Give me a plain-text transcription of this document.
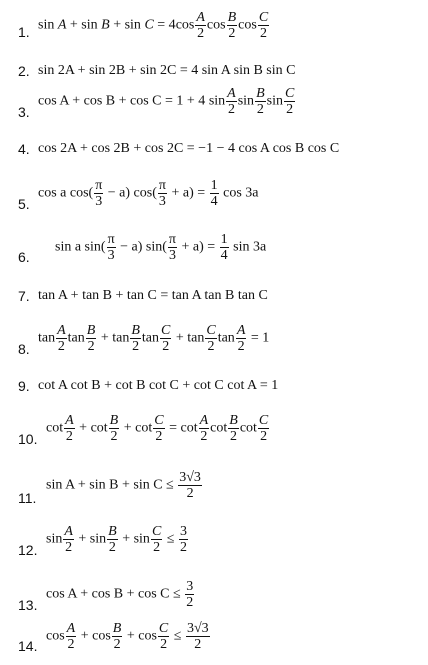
1.
2.
3.
4.
5.
6.
7.
8.
9.
10.
11.
12.
13.
14.
$\sin A + \sin B + \sin C = 4\cos \frac{A}{2}$ $\cos \frac{B}{2}$ $\cos \frac{C}{2}$
sin 2A + sin 2B + sin 2C = 4 sin A sin B sin C
cos A + cos B + cos C = 1 + 4 $\sin \frac{A}{2}$ $\sin \frac{B}{2}$ $\sin \frac{C}{2}$
cos 2A + cos 2B + cos 2C = −1 − 4 cos A cos B cos C
cos a $\cos( \frac{\pi}{3} - a)$ $\cos( \frac{\pi}{3} + a) = \frac{1}{4}$ cos 3a
sin a $\sin( \frac{\pi}{3} - a)$ $\sin( \frac{\pi}{3} + a) = \frac{1}{4}$ sin 3a
tan A + tan B + tan C = tan A tan B tan C
$\tan \frac{A}{2}$ $\tan \frac{B}{2} + \tan \frac{B}{2}$ $\tan \frac{C}{2} + \tan \frac{C}{2}$ $\tan \frac{A}{2} = 1$
cot A cot B + cot B cot C + cot C cot A = 1
$\cot \frac{A}{2} + \cot \frac{B}{2} + \cot \frac{C}{2} = \cot \frac{A}{2}$ $\cot \frac{B}{2}$ $\cot \frac{C}{2}$
$\sin A + \sin B + \sin C \le \frac{3√3}{2}$
$\sin \frac{A}{2} + \sin \frac{B}{2} + \sin \frac{C}{2} \le \frac{3}{2}$
$\cos A + \cos B + \cos C \le \frac{3}{2}$
$\cos \frac{A}{2} + \cos \frac{B}{2} + \cos \frac{C}{2} \le \frac{3√3}{2}$
